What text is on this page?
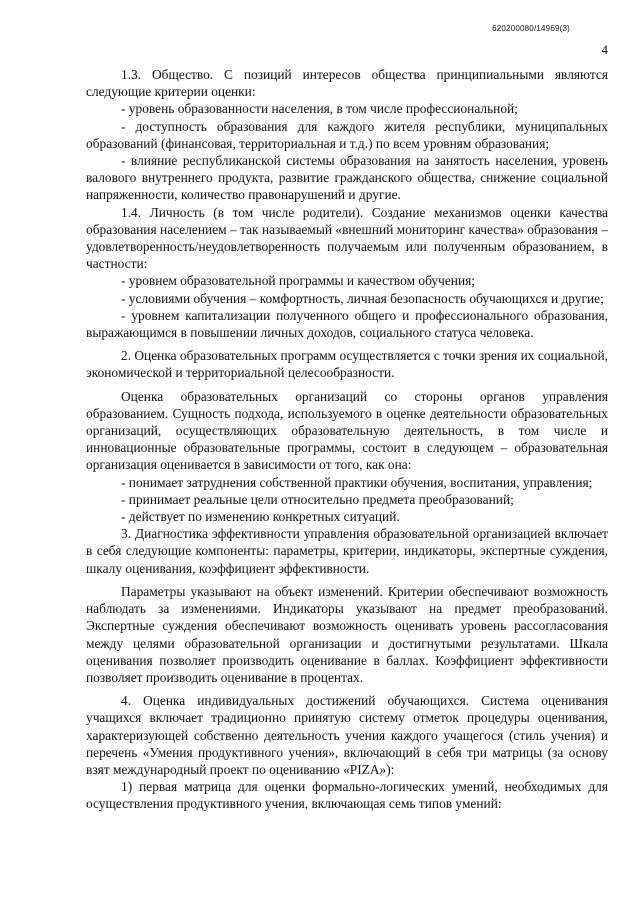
620200080/14969(3)
4

1.3. Общество. С позиций интересов общества принципиальными являются следующие критерии оценки:

- уровень образованности населения, в том числе профессиональной;

- доступность образования для каждого жителя республики, муниципальных образований (финансовая, территориальная и т.д.) по всем уровням образования;

- влияние республиканской системы образования на занятость населения, уровень валового внутреннего продукта, развитие гражданского общества, снижение социальной напряженности, количество правонарушений и другие.

1.4. Личность (в том числе родители). Создание механизмов оценки качества образования населением – так называемый «внешний мониторинг качества» образования – удовлетворенность/неудовлетворенность получаемым или полученным образованием, в частности:

- уровнем образовательной программы и качеством обучения;

- условиями обучения – комфортность, личная безопасность обучающихся и другие;

- уровнем капитализации полученного общего и профессионального образования, выражающимся в повышении личных доходов, социального статуса человека.

2. Оценка образовательных программ осуществляется с точки зрения их социальной, экономической и территориальной целесообразности.

Оценка образовательных организаций со стороны органов управления образованием. Сущность подхода, используемого в оценке деятельности образовательных организаций, осуществляющих образовательную деятельность, в том числе и инновационные образовательные программы, состоит в следующем – образовательная организация оценивается в зависимости от того, как она:

- понимает затруднения собственной практики обучения, воспитания, управления;

- принимает реальные цели относительно предмета преобразований;

- действует по изменению конкретных ситуаций.

3. Диагностика эффективности управления образовательной организацией включает в себя следующие компоненты: параметры, критерии, индикаторы, экспертные суждения, шкалу оценивания, коэффициент эффективности.

Параметры указывают на объект изменений. Критерии обеспечивают возможность наблюдать за изменениями. Индикаторы указывают на предмет преобразований. Экспертные суждения обеспечивают возможность оценивать уровень рассогласования между целями образовательной организации и достигнутыми результатами. Шкала оценивания позволяет производить оценивание в баллах. Коэффициент эффективности позволяет производить оценивание в процентах.

4. Оценка индивидуальных достижений обучающихся. Система оценивания учащихся включает традиционно принятую систему отметок процедуры оценивания, характеризующей собственно деятельность учения каждого учащегося (стиль учения) и перечень «Умения продуктивного учения», включающий в себя три матрицы (за основу взят международный проект по оцениванию «PIZA»):

1) первая матрица для оценки формально-логических умений, необходимых для осуществления продуктивного учения, включающая семь типов умений:
